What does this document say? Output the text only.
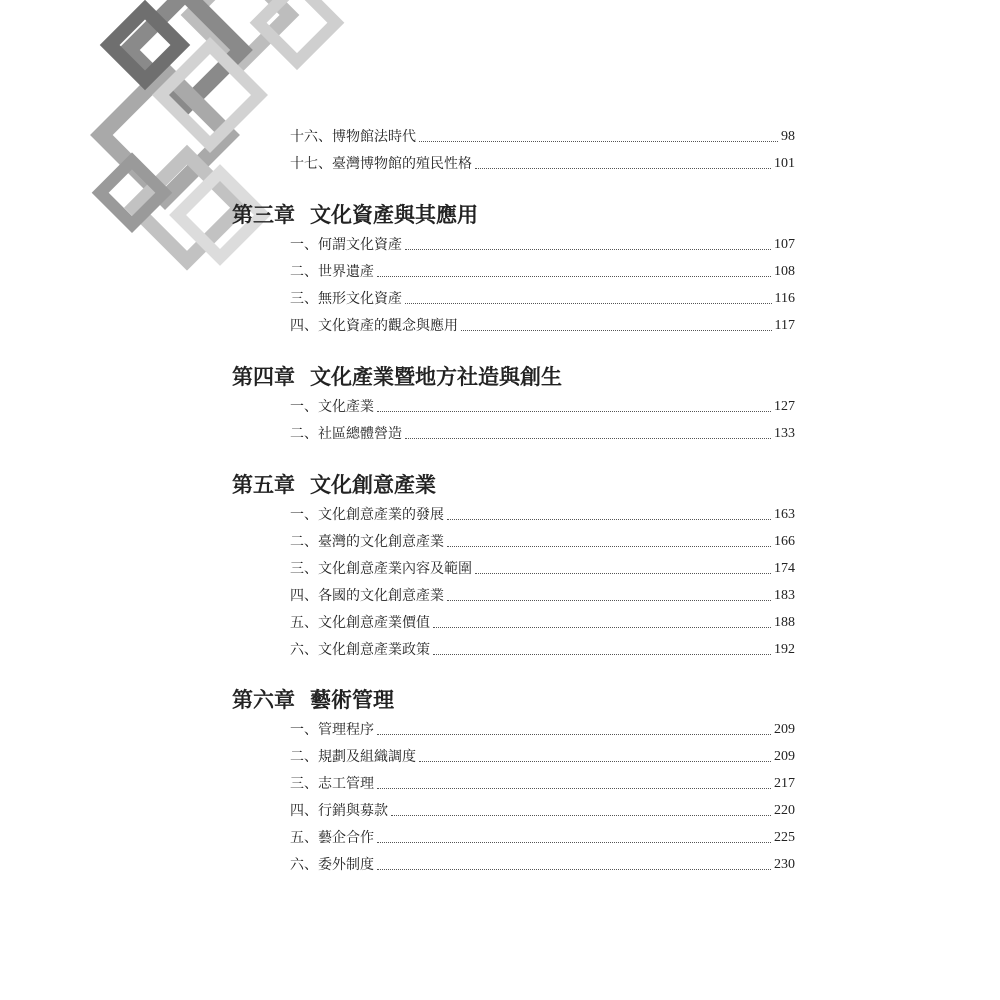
十六、博物館法時代	98
十七、臺灣博物館的殖民性格	101
第三章 文化資產與其應用
一、何謂文化資產	107
二、世界遺產	108
三、無形文化資產	116
四、文化資產的觀念與應用	117
第四章 文化產業暨地方社造與創生
一、文化產業	127
二、社區總體營造	133
第五章 文化創意產業
一、文化創意產業的發展	163
二、臺灣的文化創意產業	166
三、文化創意產業內容及範圍	174
四、各國的文化創意產業	183
五、文化創意產業價值	188
六、文化創意產業政策	192
第六章 藝術管理
一、管理程序	209
二、規劃及組織調度	209
三、志工管理	217
四、行銷與募款	220
五、藝企合作	225
六、委外制度	230
